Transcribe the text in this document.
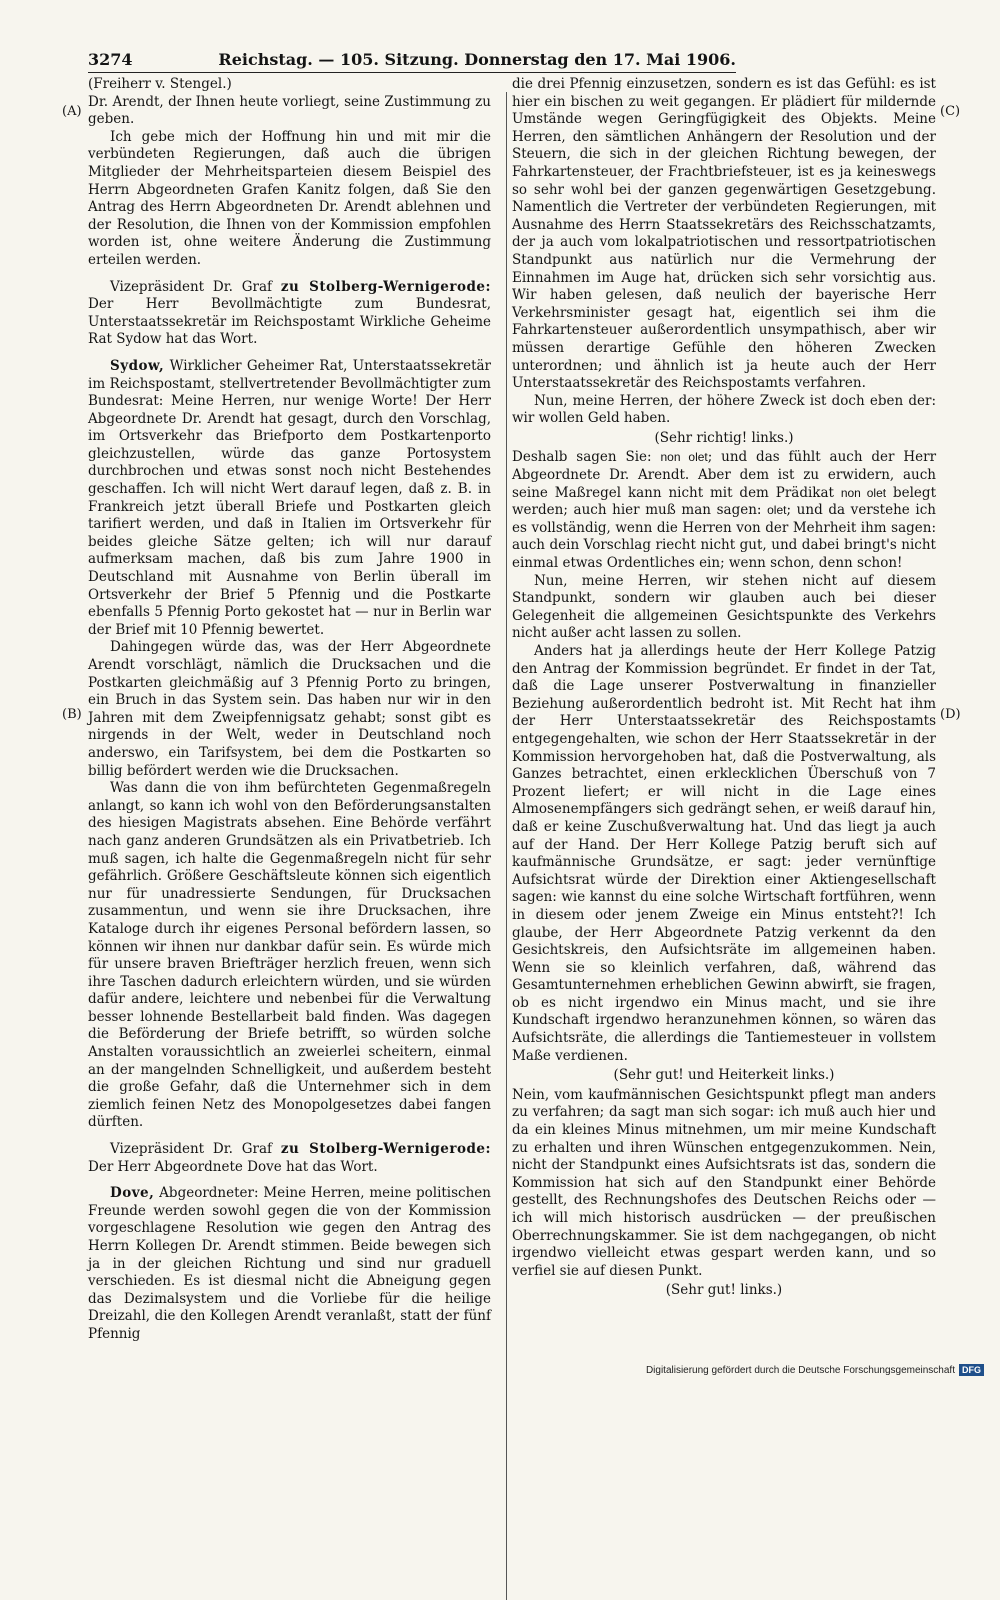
3274	Reichstag. — 105. Sitzung. Donnerstag den 17. Mai 1906.
(A)
(B)
(C)
(D)

(Freiherr v. Stengel.)

Dr. Arendt, der Ihnen heute vorliegt, seine Zustimmung zu geben.

Ich gebe mich der Hoffnung hin und mit mir die verbündeten Regierungen, daß auch die übrigen Mitglieder der Mehrheitsparteien diesem Beispiel des Herrn Abgeordneten Grafen Kanitz folgen, daß Sie den Antrag des Herrn Abgeordneten Dr. Arendt ablehnen und der Resolution, die Ihnen von der Kommission empfohlen worden ist, ohne weitere Änderung die Zustimmung erteilen werden.

Vizepräsident Dr. Graf zu Stolberg-Wernigerode: Der Herr Bevollmächtigte zum Bundesrat, Unterstaatssekretär im Reichspostamt Wirkliche Geheime Rat Sydow hat das Wort.

Sydow, Wirklicher Geheimer Rat, Unterstaatssekretär im Reichspostamt, stellvertretender Bevollmächtigter zum Bundesrat: Meine Herren, nur wenige Worte! Der Herr Abgeordnete Dr. Arendt hat gesagt, durch den Vorschlag, im Ortsverkehr das Briefporto dem Postkartenporto gleichzustellen, würde das ganze Portosystem durchbrochen und etwas sonst noch nicht Bestehendes geschaffen. Ich will nicht Wert darauf legen, daß z. B. in Frankreich jetzt überall Briefe und Postkarten gleich tarifiert werden, und daß in Italien im Ortsverkehr für beides gleiche Sätze gelten; ich will nur darauf aufmerksam machen, daß bis zum Jahre 1900 in Deutschland mit Ausnahme von Berlin überall im Ortsverkehr der Brief 5 Pfennig und die Postkarte ebenfalls 5 Pfennig Porto gekostet hat — nur in Berlin war der Brief mit 10 Pfennig bewertet.

Dahingegen würde das, was der Herr Abgeordnete Arendt vorschlägt, nämlich die Drucksachen und die Postkarten gleichmäßig auf 3 Pfennig Porto zu bringen, ein Bruch in das System sein. Das haben nur wir in den Jahren mit dem Zweipfennigsatz gehabt; sonst gibt es nirgends in der Welt, weder in Deutschland noch anderswo, ein Tarifsystem, bei dem die Postkarten so billig befördert werden wie die Drucksachen.

Was dann die von ihm befürchteten Gegenmaßregeln anlangt, so kann ich wohl von den Beförderungsanstalten des hiesigen Magistrats absehen. Eine Behörde verfährt nach ganz anderen Grundsätzen als ein Privatbetrieb. Ich muß sagen, ich halte die Gegenmaßregeln nicht für sehr gefährlich. Größere Geschäftsleute können sich eigentlich nur für unadressierte Sendungen, für Drucksachen zusammentun, und wenn sie ihre Drucksachen, ihre Kataloge durch ihr eigenes Personal befördern lassen, so können wir ihnen nur dankbar dafür sein. Es würde mich für unsere braven Briefträger herzlich freuen, wenn sich ihre Taschen dadurch erleichtern würden, und sie würden dafür andere, leichtere und nebenbei für die Verwaltung besser lohnende Bestellarbeit bald finden. Was dagegen die Beförderung der Briefe betrifft, so würden solche Anstalten voraussichtlich an zweierlei scheitern, einmal an der mangelnden Schnelligkeit, und außerdem besteht die große Gefahr, daß die Unternehmer sich in dem ziemlich feinen Netz des Monopolgesetzes dabei fangen dürften.

Vizepräsident Dr. Graf zu Stolberg-Wernigerode: Der Herr Abgeordnete Dove hat das Wort.

Dove, Abgeordneter: Meine Herren, meine politischen Freunde werden sowohl gegen die von der Kommission vorgeschlagene Resolution wie gegen den Antrag des Herrn Kollegen Dr. Arendt stimmen. Beide bewegen sich ja in der gleichen Richtung und sind nur graduell verschieden. Es ist diesmal nicht die Abneigung gegen das Dezimalsystem und die Vorliebe für die heilige Dreizahl, die den Kollegen Arendt veranlaßt, statt der fünf Pfennig

die drei Pfennig einzusetzen, sondern es ist das Gefühl: es ist hier ein bischen zu weit gegangen. Er plädiert für mildernde Umstände wegen Geringfügigkeit des Objekts. Meine Herren, den sämtlichen Anhängern der Resolution und der Steuern, die sich in der gleichen Richtung bewegen, der Fahrkartensteuer, der Frachtbriefsteuer, ist es ja keineswegs so sehr wohl bei der ganzen gegenwärtigen Gesetzgebung. Namentlich die Vertreter der verbündeten Regierungen, mit Ausnahme des Herrn Staatssekretärs des Reichsschatzamts, der ja auch vom lokalpatriotischen und ressortpatriotischen Standpunkt aus natürlich nur die Vermehrung der Einnahmen im Auge hat, drücken sich sehr vorsichtig aus. Wir haben gelesen, daß neulich der bayerische Herr Verkehrsminister gesagt hat, eigentlich sei ihm die Fahrkartensteuer außerordentlich unsympathisch, aber wir müssen derartige Gefühle den höheren Zwecken unterordnen; und ähnlich ist ja heute auch der Herr Unterstaatssekretär des Reichspostamts verfahren.

Nun, meine Herren, der höhere Zweck ist doch eben der: wir wollen Geld haben.

(Sehr richtig! links.)

Deshalb sagen Sie: non olet; und das fühlt auch der Herr Abgeordnete Dr. Arendt. Aber dem ist zu erwidern, auch seine Maßregel kann nicht mit dem Prädikat non olet belegt werden; auch hier muß man sagen: olet; und da verstehe ich es vollständig, wenn die Herren von der Mehrheit ihm sagen: auch dein Vorschlag riecht nicht gut, und dabei bringt's nicht einmal etwas Ordentliches ein; wenn schon, denn schon!

Nun, meine Herren, wir stehen nicht auf diesem Standpunkt, sondern wir glauben auch bei dieser Gelegenheit die allgemeinen Gesichtspunkte des Verkehrs nicht außer acht lassen zu sollen.

Anders hat ja allerdings heute der Herr Kollege Patzig den Antrag der Kommission begründet. Er findet in der Tat, daß die Lage unserer Postverwaltung in finanzieller Beziehung außerordentlich bedroht ist. Mit Recht hat ihm der Herr Unterstaatssekretär des Reichspostamts entgegengehalten, wie schon der Herr Staatssekretär in der Kommission hervorgehoben hat, daß die Postverwaltung, als Ganzes betrachtet, einen erklecklichen Überschuß von 7 Prozent liefert; er will nicht in die Lage eines Almosenempfängers sich gedrängt sehen, er weiß darauf hin, daß er keine Zuschußverwaltung hat. Und das liegt ja auch auf der Hand. Der Herr Kollege Patzig beruft sich auf kaufmännische Grundsätze, er sagt: jeder vernünftige Aufsichtsrat würde der Direktion einer Aktiengesellschaft sagen: wie kannst du eine solche Wirtschaft fortführen, wenn in diesem oder jenem Zweige ein Minus entsteht?! Ich glaube, der Herr Abgeordnete Patzig verkennt da den Gesichtskreis, den Aufsichtsräte im allgemeinen haben. Wenn sie so kleinlich verfahren, daß, während das Gesamtunternehmen erheblichen Gewinn abwirft, sie fragen, ob es nicht irgendwo ein Minus macht, und sie ihre Kundschaft irgendwo heranzunehmen können, so wären das Aufsichtsräte, die allerdings die Tantiemesteuer in vollstem Maße verdienen.

(Sehr gut! und Heiterkeit links.)

Nein, vom kaufmännischen Gesichtspunkt pflegt man anders zu verfahren; da sagt man sich sogar: ich muß auch hier und da ein kleines Minus mitnehmen, um mir meine Kundschaft zu erhalten und ihren Wünschen entgegenzukommen. Nein, nicht der Standpunkt eines Aufsichtsrats ist das, sondern die Kommission hat sich auf den Standpunkt einer Behörde gestellt, des Rechnungshofes des Deutschen Reichs oder — ich will mich historisch ausdrücken — der preußischen Oberrechnungskammer. Sie ist dem nachgegangen, ob nicht irgendwo vielleicht etwas gespart werden kann, und so verfiel sie auf diesen Punkt.

(Sehr gut! links.)

Digitalisierung gefördert durch die Deutsche Forschungsgemeinschaft DFG
